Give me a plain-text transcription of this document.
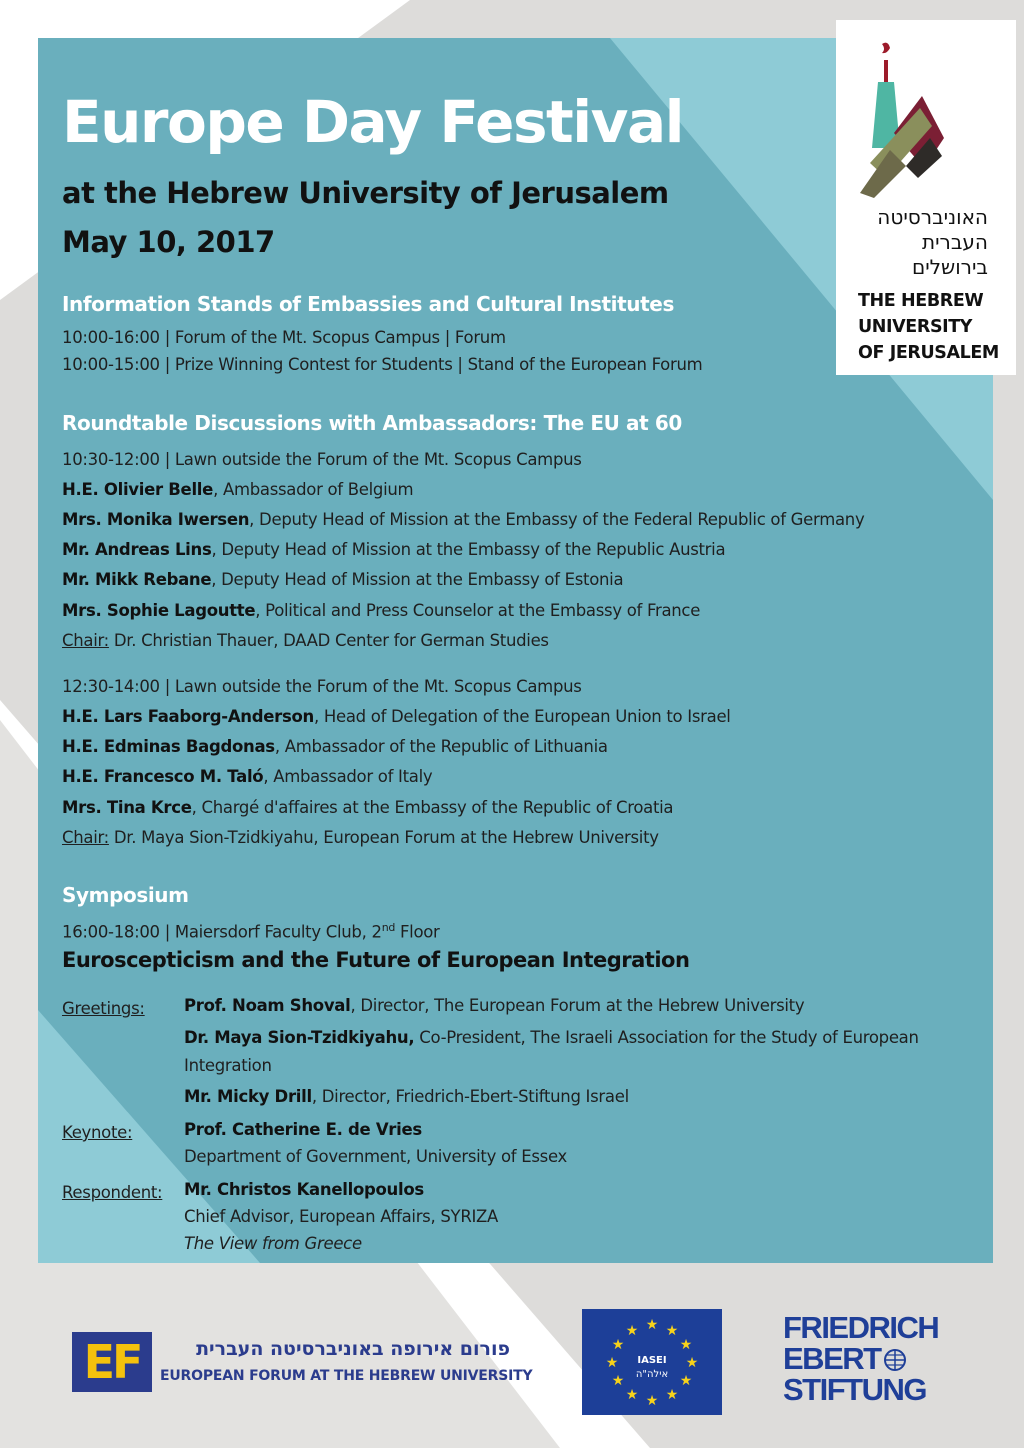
Europe Day Festival
at the Hebrew University of Jerusalem
May 10, 2017
האוניברסיטה
העברית
בירושלים
THE HEBREW
UNIVERSITY
OF JERUSALEM
Information Stands of Embassies and Cultural Institutes
10:00-16:00 | Forum of the Mt. Scopus Campus | Forum
10:00-15:00 | Prize Winning Contest for Students | Stand of the European Forum
Roundtable Discussions with Ambassadors: The EU at 60
10:30-12:00 | Lawn outside the Forum of the Mt. Scopus Campus
H.E. Olivier Belle, Ambassador of Belgium
Mrs. Monika Iwersen, Deputy Head of Mission at the Embassy of the Federal Republic of Germany
Mr. Andreas Lins, Deputy Head of Mission at the Embassy of the Republic Austria
Mr. Mikk Rebane, Deputy Head of Mission at the Embassy of Estonia
Mrs. Sophie Lagoutte, Political and Press Counselor at the Embassy of France
Chair: Dr. Christian Thauer, DAAD Center for German Studies
12:30-14:00 | Lawn outside the Forum of the Mt. Scopus Campus
H.E. Lars Faaborg-Anderson, Head of Delegation of the European Union to Israel
H.E. Edminas Bagdonas, Ambassador of the Republic of Lithuania
H.E. Francesco M. Taló, Ambassador of Italy
Mrs. Tina Krce, Chargé d'affaires at the Embassy of the Republic of Croatia
Chair: Dr. Maya Sion-Tzidkiyahu, European Forum at the Hebrew University
Symposium
16:00-18:00 | Maiersdorf Faculty Club, 2nd Floor
Euroscepticism and the Future of European Integration
Greetings: Prof. Noam Shoval, Director, The European Forum at the Hebrew University
Dr. Maya Sion-Tzidkiyahu, Co-President, The Israeli Association for the Study of European Integration
Mr. Micky Drill, Director, Friedrich-Ebert-Stiftung Israel
Keynote:	Prof. Catherine E. de Vries
Department of Government, University of Essex
Respondent: Mr. Christos Kanellopoulos
Chief Advisor, European Affairs, SYRIZA
The View from Greece
EF	פורום אירופה באוניברסיטה העברית
EUROPEAN FORUM AT THE HEBREW UNIVERSITY
★ ★
★
★
★
★
★
★
★
★
★
★
IASEI
אילה"ה
FRIEDRICH
EBERT
STIFTUNG
